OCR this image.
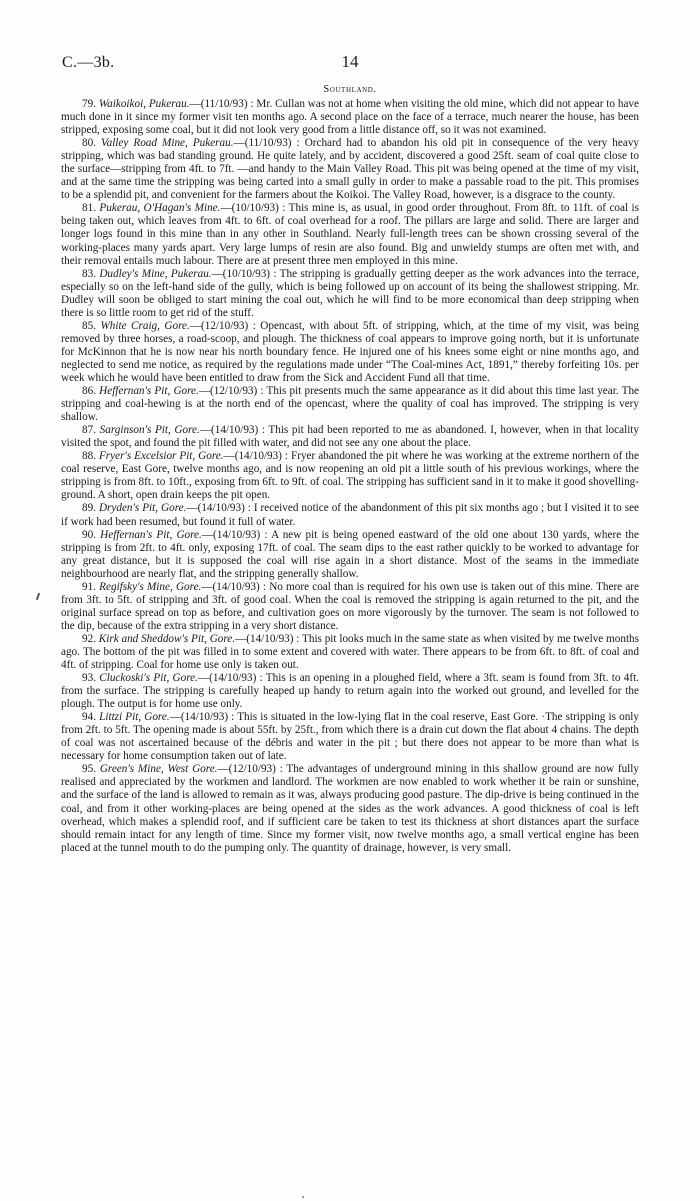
C.—3b.	14
Southland.

79. Waikoikoi, Pukerau.—(11/10/93) : Mr. Cullan was not at home when visiting the old mine, which did not appear to have much done in it since my former visit ten months ago. A second place on the face of a terrace, much nearer the house, has been stripped, exposing some coal, but it did not look very good from a little distance off, so it was not examined.

80. Valley Road Mine, Pukerau.—(11/10/93) : Orchard had to abandon his old pit in consequence of the very heavy stripping, which was bad standing ground. He quite lately, and by accident, discovered a good 25ft. seam of coal quite close to the surface—stripping from 4ft. to 7ft. —and handy to the Main Valley Road. This pit was being opened at the time of my visit, and at the same time the stripping was being carted into a small gully in order to make a passable road to the pit. This promises to be a splendid pit, and convenient for the farmers about the Koikoi. The Valley Road, however, is a disgrace to the county.

81. Pukerau, O'Hagan's Mine.—(10/10/93) : This mine is, as usual, in good order throughout. From 8ft. to 11ft. of coal is being taken out, which leaves from 4ft. to 6ft. of coal overhead for a roof. The pillars are large and solid. There are larger and longer logs found in this mine than in any other in Southland. Nearly full-length trees can be shown crossing several of the working-places many yards apart. Very large lumps of resin are also found. Big and unwieldy stumps are often met with, and their removal entails much labour. There are at present three men employed in this mine.

83. Dudley's Mine, Pukerau.—(10/10/93) : The stripping is gradually getting deeper as the work advances into the terrace, especially so on the left-hand side of the gully, which is being followed up on account of its being the shallowest stripping. Mr. Dudley will soon be obliged to start mining the coal out, which he will find to be more economical than deep stripping when there is so little room to get rid of the stuff.

85. White Craig, Gore.—(12/10/93) : Opencast, with about 5ft. of stripping, which, at the time of my visit, was being removed by three horses, a road-scoop, and plough. The thickness of coal appears to improve going north, but it is unfortunate for McKinnon that he is now near his north boundary fence. He injured one of his knees some eight or nine months ago, and neglected to send me notice, as required by the regulations made under “The Coal-mines Act, 1891,” thereby forfeiting 10s. per week which he would have been entitled to draw from the Sick and Accident Fund all that time.

86. Heffernan's Pit, Gore.—(12/10/93) : This pit presents much the same appearance as it did about this time last year. The stripping and coal-hewing is at the north end of the opencast, where the quality of coal has improved. The stripping is very shallow.

87. Sarginson's Pit, Gore.—(14/10/93) : This pit had been reported to me as abandoned. I, however, when in that locality visited the spot, and found the pit filled with water, and did not see any one about the place.

88. Fryer's Excelsior Pit, Gore.—(14/10/93) : Fryer abandoned the pit where he was working at the extreme northern of the coal reserve, East Gore, twelve months ago, and is now reopening an old pit a little south of his previous workings, where the stripping is from 8ft. to 10ft., exposing from 6ft. to 9ft. of coal. The stripping has sufficient sand in it to make it good shovelling-ground. A short, open drain keeps the pit open.

89. Dryden's Pit, Gore.—(14/10/93) : I received notice of the abandonment of this pit six months ago ; but I visited it to see if work had been resumed, but found it full of water.

90. Heffernan's Pit, Gore.—(14/10/93) : A new pit is being opened eastward of the old one about 130 yards, where the stripping is from 2ft. to 4ft. only, exposing 17ft. of coal. The seam dips to the east rather quickly to be worked to advantage for any great distance, but it is supposed the coal will rise again in a short distance. Most of the seams in the immediate neighbourhood are nearly flat, and the stripping generally shallow.

91. Regifsky's Mine, Gore.—(14/10/93) : No more coal than is required for his own use is taken out of this mine. There are from 3ft. to 5ft. of stripping and 3ft. of good coal. When the coal is removed the stripping is again returned to the pit, and the original surface spread on top as before, and cultivation goes on more vigorously by the turnover. The seam is not followed to the dip, because of the extra stripping in a very short distance.

92. Kirk and Sheddow's Pit, Gore.—(14/10/93) : This pit looks much in the same state as when visited by me twelve months ago. The bottom of the pit was filled in to some extent and covered with water. There appears to be from 6ft. to 8ft. of coal and 4ft. of stripping. Coal for home use only is taken out.

93. Cluckoski's Pit, Gore.—(14/10/93) : This is an opening in a ploughed field, where a 3ft. seam is found from 3ft. to 4ft. from the surface. The stripping is carefully heaped up handy to return again into the worked out ground, and levelled for the plough. The output is for home use only.

94. Littzi Pit, Gore.—(14/10/93) : This is situated in the low-lying flat in the coal reserve, East Gore. ·The stripping is only from 2ft. to 5ft. The opening made is about 55ft. by 25ft., from which there is a drain cut down the flat about 4 chains. The depth of coal was not ascertained because of the débris and water in the pit ; but there does not appear to be more than what is necessary for home consumption taken out of late.

95. Green's Mine, West Gore.—(12/10/93) : The advantages of underground mining in this shallow ground are now fully realised and appreciated by the workmen and landlord. The workmen are now enabled to work whether it be rain or sunshine, and the surface of the land is allowed to remain as it was, always producing good pasture. The dip-drive is being continued in the coal, and from it other working-places are being opened at the sides as the work advances. A good thickness of coal is left overhead, which makes a splendid roof, and if sufficient care be taken to test its thickness at short distances apart the surface should remain intact for any length of time. Since my former visit, now twelve months ago, a small vertical engine has been placed at the tunnel mouth to do the pumping only. The quantity of drainage, however, is very small.
